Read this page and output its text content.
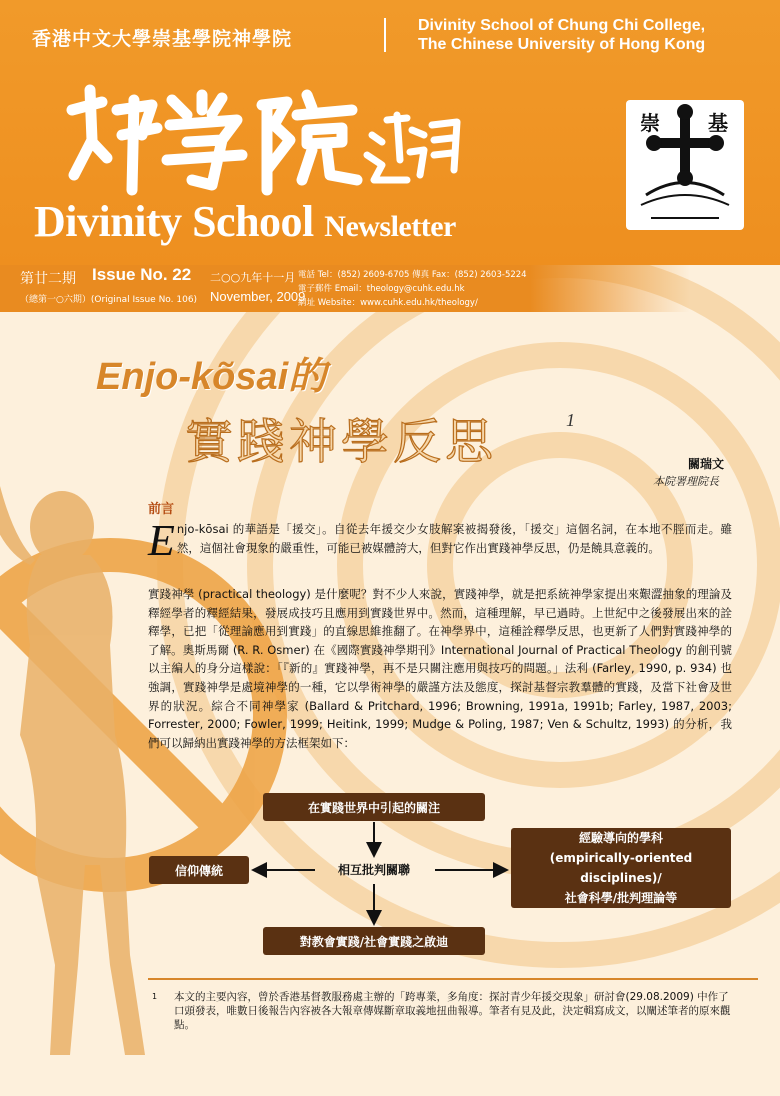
香港中文大學崇基學院神學院
Divinity School of Chung Chi College,
The Chinese University of Hong Kong
Divinity School Newsletter
崇 基
第廿二期 Issue No. 22
（總第一○六期）(Original Issue No. 106)
二○○九年十一月
November, 2009
電話 Tel：(852) 2609-6705 傳真 Fax：(852) 2603-5224
電子郵件 Email：theology@cuhk.edu.hk
網址 Website：www.cuhk.edu.hk/theology/
Enjo-kõsai的
實踐神學反思	1
關瑞文
本院署理院長
前言
Enjo-kōsai 的華語是「援交」。自從去年援交少女肢解案被揭發後，「援交」這個名詞，在本地不脛而走。雖然，這個社會現象的嚴重性，可能已被媒體誇大，但對它作出實踐神學反思，仍是饒具意義的。
實踐神學 (practical theology) 是什麼呢？對不少人來說，實踐神學，就是把系統神學家提出來艱澀抽象的理論及釋經學者的釋經結果，發展成技巧且應用到實踐世界中。然而，這種理解，早已過時。上世紀中之後發展出來的詮釋學，已把「從理論應用到實踐」的直線思維推翻了。在神學界中，這種詮釋學反思，也更新了人們對實踐神學的了解。奧斯馬爾 (R. R. Osmer) 在《國際實踐神學期刊》International Journal of Practical Theology 的創刊號以主編人的身分這樣說：「『新的』實踐神學，再不是只關注應用與技巧的問題。」法利 (Farley, 1990, p. 934) 也強調，實踐神學是處境神學的一種，它以學術神學的嚴謹方法及態度，探討基督宗教羣體的實踐，及當下社會及世界的狀況。綜合不同神學家 (Ballard & Pritchard, 1996; Browning, 1991a, 1991b; Farley, 1987, 2003; Forrester, 2000; Fowler, 1999; Heitink, 1999; Mudge & Poling, 1987; Ven & Schultz, 1993) 的分析，我們可以歸納出實踐神學的方法框架如下：
在實踐世界中引起的關注
信仰傳統	相互批判關聯
經驗導向的學科
(empirically-oriented disciplines)/
社會科學/批判理論等
對教會實踐/社會實踐之啟迪
1 本文的主要內容，曾於香港基督教服務處主辦的「跨專業，多角度：探討青少年援交現象」研討會(29.08.2009) 中作了口頭發表，唯數日後報告內容被各大報章傳媒斷章取義地扭曲報導。筆者有見及此，決定輯寫成文，以闡述筆者的原來觀點。
